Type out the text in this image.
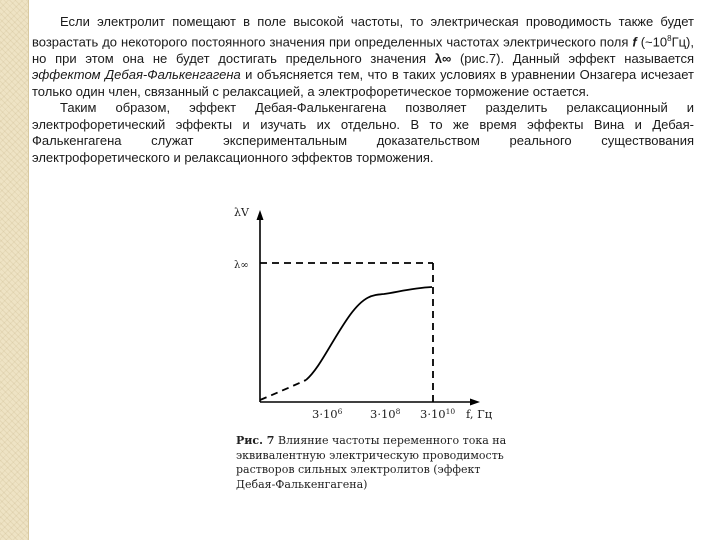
Если электролит помещают в поле высокой частоты, то электрическая проводимость также будет возрастать до некоторого постоянного значения при определенных частотах электрического поля f $(\sim 10^8Гц)$, но при этом она не будет достигать предельного значения λ∞ (рис.7). Данный эффект называется эффектом Дебая-Фалькенгагена и объясняется тем, что в таких условиях в уравнении Онзагера исчезает только один член, связанный с релаксацией, а электрофоретическое торможение остается.

Таким образом, эффект Дебая-Фалькенгагена позволяет разделить релаксационный и электрофоретический эффекты и изучать их отдельно. В то же время эффекты Вина и Дебая-Фалькенгагена служат экспериментальным доказательством реального существования электрофоретического и релаксационного эффектов торможения.

λV
λ∞
$3\cdot 10^6$ $3\cdot 10^8$ $3\cdot 10^{10}$ f, Гц
Рис. 7 Влияние частоты переменного тока на эквивалентную электрическую проводимость растворов сильных электролитов (эффект Дебая-Фалькенгагена)
